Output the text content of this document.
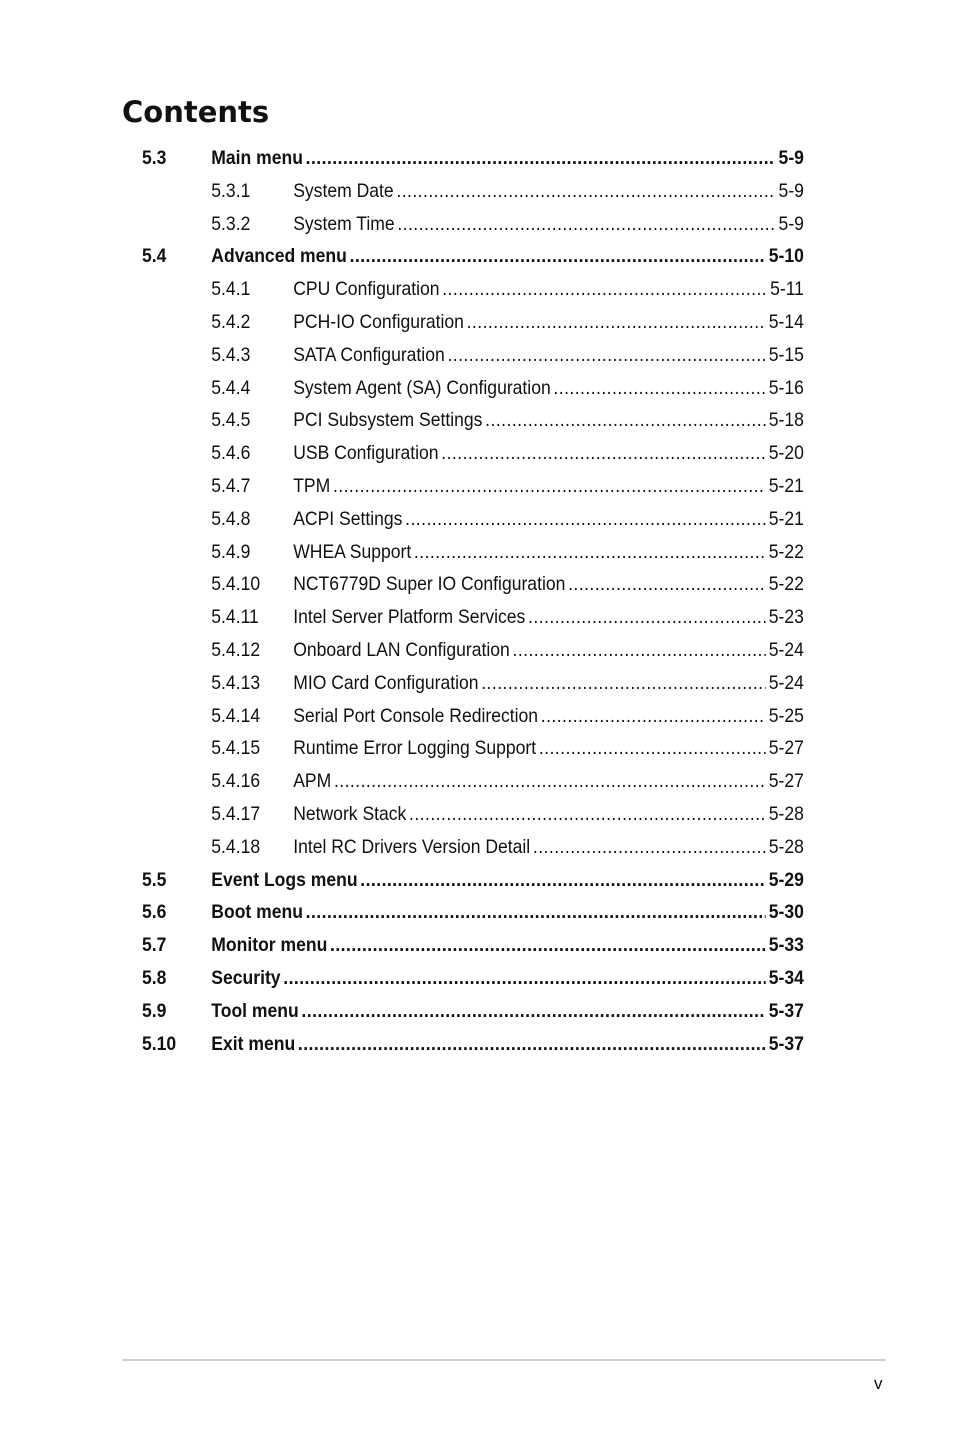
Contents
5.3	Main menu .....	5-9
5.3.1	System Date .....	5-9
5.3.2	System Time .....	5-9
5.4	Advanced menu .....	5-10
5.4.1	CPU Configuration .....	5-11
5.4.2	PCH-IO Configuration .....	5-14
5.4.3	SATA Configuration .....	5-15
5.4.4	System Agent (SA) Configuration .....	5-16
5.4.5	PCI Subsystem Settings .....	5-18
5.4.6	USB Configuration .....	5-20
5.4.7	TPM .....	5-21
5.4.8	ACPI Settings .....	5-21
5.4.9	WHEA Support .....	5-22
5.4.10	NCT6779D Super IO Configuration .....	5-22
5.4.11	Intel Server Platform Services .....	5-23
5.4.12	Onboard LAN Configuration .....	5-24
5.4.13	MIO Card Configuration .....	5-24
5.4.14	Serial Port Console Redirection .....	5-25
5.4.15	Runtime Error Logging Support .....	5-27
5.4.16	APM .....	5-27
5.4.17	Network Stack .....	5-28
5.4.18	Intel RC Drivers Version Detail .....	5-28
5.5	Event Logs menu .....	5-29
5.6	Boot menu .....	5-30
5.7	Monitor menu .....	5-33
5.8	Security .....	5-34
5.9	Tool menu .....	5-37
5.10	Exit menu .....	5-37
v
